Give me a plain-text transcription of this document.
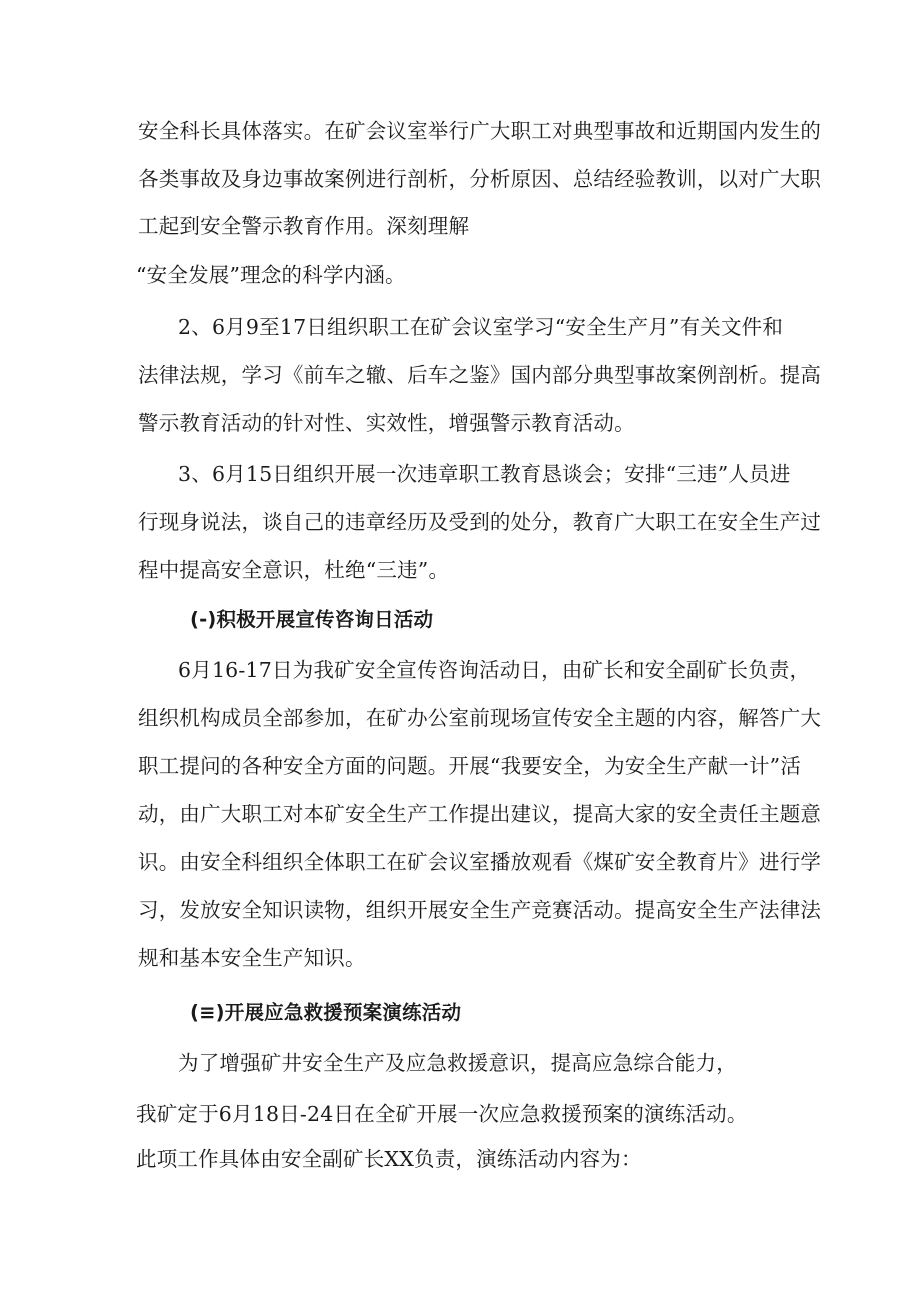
安全科长具体落实。在矿会议室举行广大职工对典型事故和近期国内发生的
各类事故及身边事故案例进行剖析，分析原因、总结经验教训，以对广大职
工起到安全警示教育作用。深刻理解
“安全发展”理念的科学内涵。
2、6月9至17日组织职工在矿会议室学习“安全生产月”有关文件和
法律法规，学习《前车之辙、后车之鉴》国内部分典型事故案例剖析。提高
警示教育活动的针对性、实效性，增强警示教育活动。
3、6月15日组织开展一次违章职工教育恳谈会；安排“三违”人员进
行现身说法，谈自己的违章经历及受到的处分，教育广大职工在安全生产过
程中提高安全意识，杜绝“三违”。
(-)积极开展宣传咨询日活动
6月16-17日为我矿安全宣传咨询活动日，由矿长和安全副矿长负责，
组织机构成员全部参加，在矿办公室前现场宣传安全主题的内容，解答广大
职工提问的各种安全方面的问题。开展“我要安全，为安全生产献一计”活
动，由广大职工对本矿安全生产工作提出建议，提高大家的安全责任主题意
识。由安全科组织全体职工在矿会议室播放观看《煤矿安全教育片》进行学
习，发放安全知识读物，组织开展安全生产竞赛活动。提高安全生产法律法
规和基本安全生产知识。
(≡)开展应急救援预案演练活动
为了增强矿井安全生产及应急救援意识，提高应急综合能力，
我矿定于6月18日-24日在全矿开展一次应急救援预案的演练活动。
此项工作具体由安全副矿长XX负责，演练活动内容为：
